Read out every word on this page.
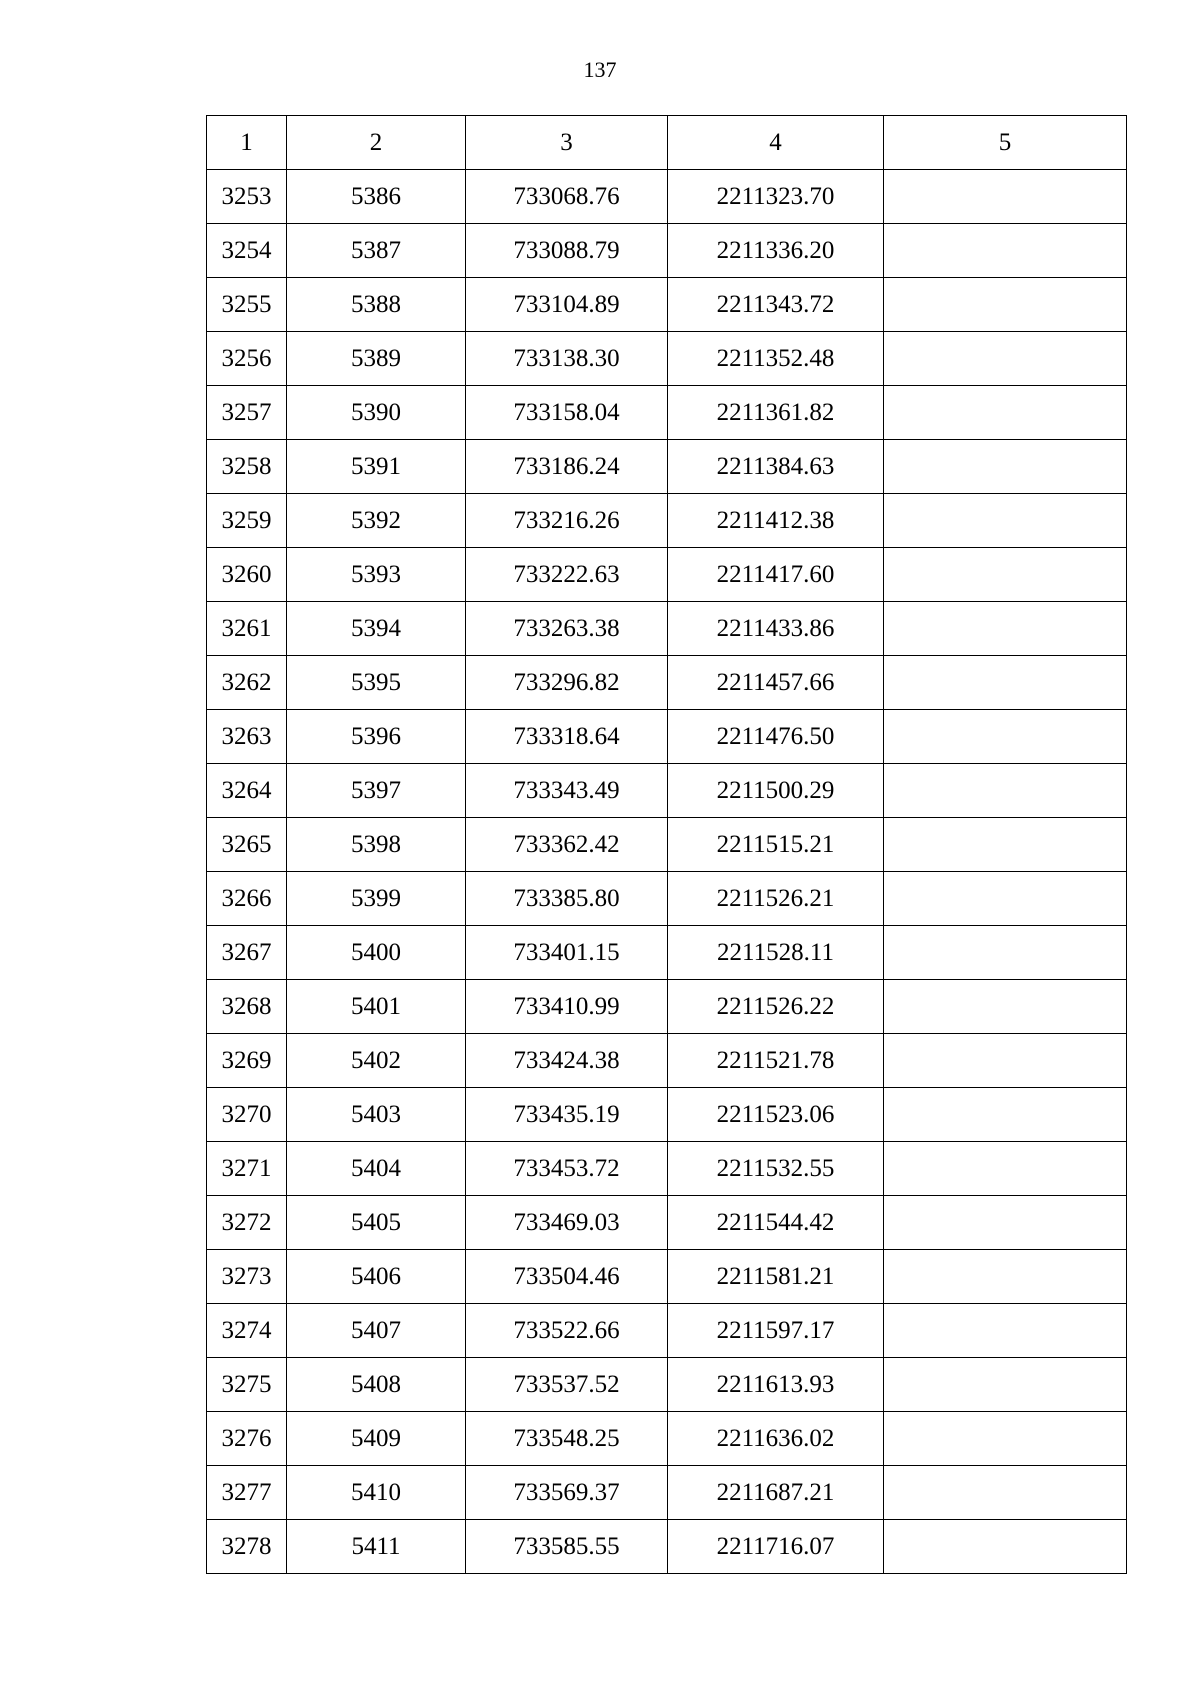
137
1	2	3	4	5
3253	5386	733068.76	2211323.70	
3254	5387	733088.79	2211336.20	
3255	5388	733104.89	2211343.72	
3256	5389	733138.30	2211352.48	
3257	5390	733158.04	2211361.82	
3258	5391	733186.24	2211384.63	
3259	5392	733216.26	2211412.38	
3260	5393	733222.63	2211417.60	
3261	5394	733263.38	2211433.86	
3262	5395	733296.82	2211457.66	
3263	5396	733318.64	2211476.50	
3264	5397	733343.49	2211500.29	
3265	5398	733362.42	2211515.21	
3266	5399	733385.80	2211526.21	
3267	5400	733401.15	2211528.11	
3268	5401	733410.99	2211526.22	
3269	5402	733424.38	2211521.78	
3270	5403	733435.19	2211523.06	
3271	5404	733453.72	2211532.55	
3272	5405	733469.03	2211544.42	
3273	5406	733504.46	2211581.21	
3274	5407	733522.66	2211597.17	
3275	5408	733537.52	2211613.93	
3276	5409	733548.25	2211636.02	
3277	5410	733569.37	2211687.21	
3278	5411	733585.55	2211716.07	
